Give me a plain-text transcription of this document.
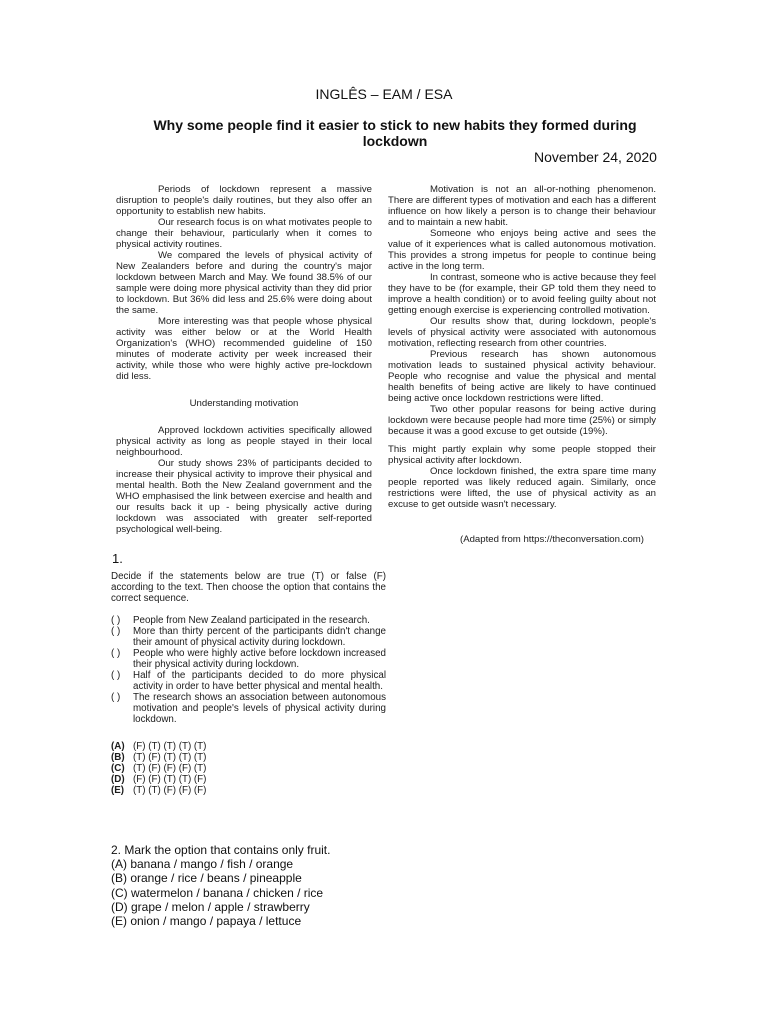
INGLÊS – EAM / ESA
Why some people find it easier to stick to new habits they formed during lockdown
November 24, 2020

Periods of lockdown represent a massive disruption to people's daily routines, but they also offer an opportunity to establish new habits.

Our research focus is on what motivates people to change their behaviour, particularly when it comes to physical activity routines.

We compared the levels of physical activity of New Zealanders before and during the country's major lockdown between March and May. We found 38.5% of our sample were doing more physical activity than they did prior to lockdown. But 36% did less and 25.6% were doing about the same.

More interesting was that people whose physical activity was either below or at the World Health Organization's (WHO) recommended guideline of 150 minutes of moderate activity per week increased their activity, while those who were highly active pre-lockdown did less.

Understanding motivation

Approved lockdown activities specifically allowed physical activity as long as people stayed in their local neighbourhood.

Our study shows 23% of participants decided to increase their physical activity to improve their physical and mental health. Both the New Zealand government and the WHO emphasised the link between exercise and health and our results back it up - being physically active during lockdown was associated with greater self-reported psychological well-being.

Motivation is not an all-or-nothing phenomenon. There are different types of motivation and each has a different influence on how likely a person is to change their behaviour and to maintain a new habit.

Someone who enjoys being active and sees the value of it experiences what is called autonomous motivation. This provides a strong impetus for people to continue being active in the long term.

In contrast, someone who is active because they feel they have to be (for example, their GP told them they need to improve a health condition) or to avoid feeling guilty about not getting enough exercise is experiencing controlled motivation.

Our results show that, during lockdown, people's levels of physical activity were associated with autonomous motivation, reflecting research from other countries.

Previous research has shown autonomous motivation leads to sustained physical activity behaviour. People who recognise and value the physical and mental health benefits of being active are likely to have continued being active once lockdown restrictions were lifted.

Two other popular reasons for being active during lockdown were because people had more time (25%) or simply because it was a good excuse to get outside (19%).

This might partly explain why some people stopped their physical activity after lockdown.

Once lockdown finished, the extra spare time many people reported was likely reduced again. Similarly, once restrictions were lifted, the use of physical activity as an excuse to get outside wasn't necessary.

(Adapted from https://theconversation.com)
1.
Decide if the statements below are true (T) or false (F) according to the text. Then choose the option that contains the correct sequence.
( )	People from New Zealand participated in the research.
( )	More than thirty percent of the participants didn't change their amount of physical activity during lockdown.
( )	People who were highly active before lockdown increased their physical activity during lockdown.
( )	Half of the participants decided to do more physical activity in order to have better physical and mental health.
( )	The research shows an association between autonomous motivation and people's levels of physical activity during lockdown.
(A) (F) (T) (T) (T) (T)
(B) (T) (F) (T) (T) (T)
(C) (T) (F) (F) (F) (T)
(D) (F) (F) (T) (T) (F)
(E) (T) (T) (F) (F) (F)
2. Mark the option that contains only fruit.
(A) banana / mango / fish / orange
(B) orange / rice / beans / pineapple
(C) watermelon / banana / chicken / rice
(D) grape / melon / apple / strawberry
(E) onion / mango / papaya / lettuce
